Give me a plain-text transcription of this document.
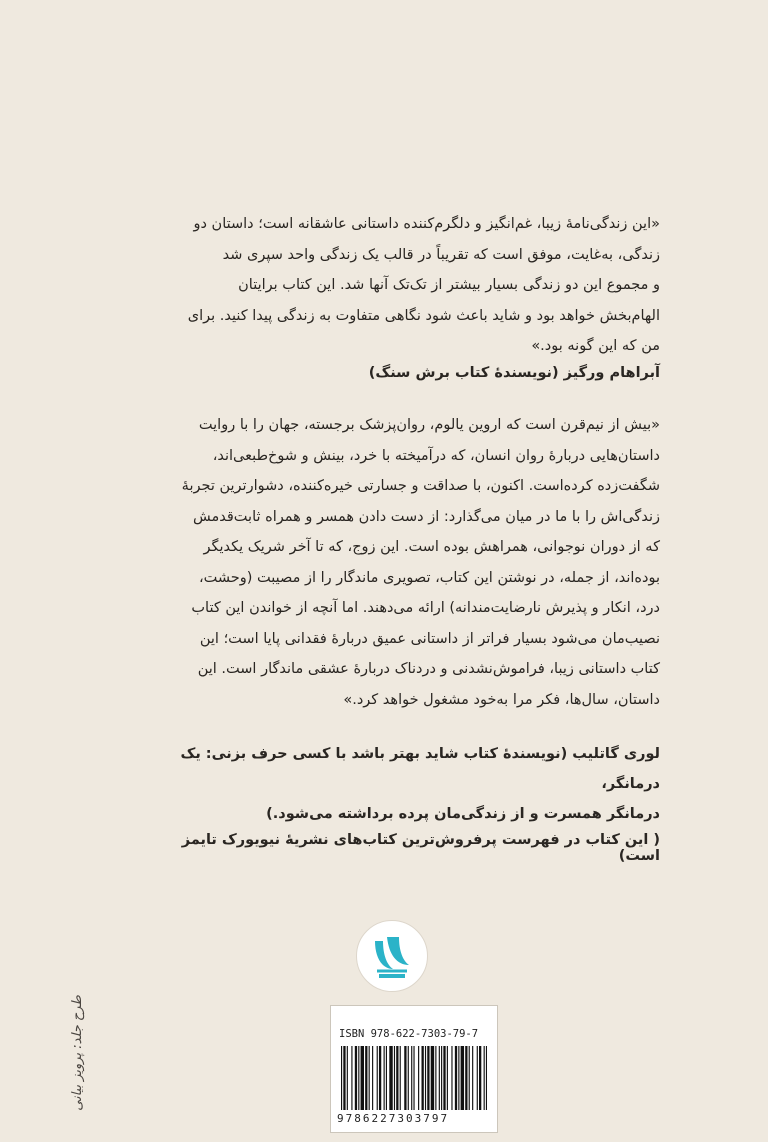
«این زندگی‌نامهٔ زیبا، غم‌انگیز و دلگرم‌کننده داستانی عاشقانه است؛ داستان دو

زندگی، به‌غایت، موفق است که تقریباً در قالب یک زندگی واحد سپری شد

و مجموع این دو زندگی بسیار بیشتر از تک‌تک آنها شد. این کتاب برایتان

الهام‌بخش خواهد بود و شاید باعث شود نگاهی متفاوت به زندگی پیدا کنید. برای

من که این گونه بود.»

آبراهام ورگیز (نویسندهٔ کتاب برش سنگ)

«بیش از نیم‌قرن است که اروین یالوم، روان‌پزشک برجسته، جهان را با روایت

داستان‌هایی دربارهٔ روان انسان، که درآمیخته با خرد، بینش و شوخ‌طبعی‌اند،

شگفت‌زده کرده‌است. اکنون، با صداقت و جسارتی خیره‌کننده، دشوارترین تجربهٔ

زندگی‌اش را با ما در میان می‌گذارد: از دست دادن همسر و همراه ثابت‌قدمش

که از دوران نوجوانی، همراهش بوده است. این زوج، که تا آخر شریک یکدیگر

بوده‌اند، از جمله، در نوشتن این کتاب، تصویری ماندگار را از مصیبت (وحشت،

درد، انکار و پذیرش نارضایت‌مندانه) ارائه می‌دهند. اما آنچه از خواندن این کتاب

نصیب‌مان می‌شود بسیار فراتر از داستانی عمیق دربارهٔ فقدانی پایا است؛ این

کتاب داستانی زیبا، فراموش‌نشدنی و دردناک دربارهٔ عشقی ماندگار است. این

داستان، سال‌ها، فکر مرا به‌خود مشغول خواهد کرد.»

لوری گاتلیب (نویسندهٔ کتاب شاید بهتر باشد با کسی حرف بزنی: یک درمانگر،
درمانگر همسرت و از زندگی‌مان پرده برداشته می‌شود.)
( این کتاب در فهرست پرفروش‌ترین کتاب‌های نشریهٔ نیویورک تایمز است)
ISBN 978-622-7303-79-7
9786227303797
طرح جلد: پرویز بیانی
